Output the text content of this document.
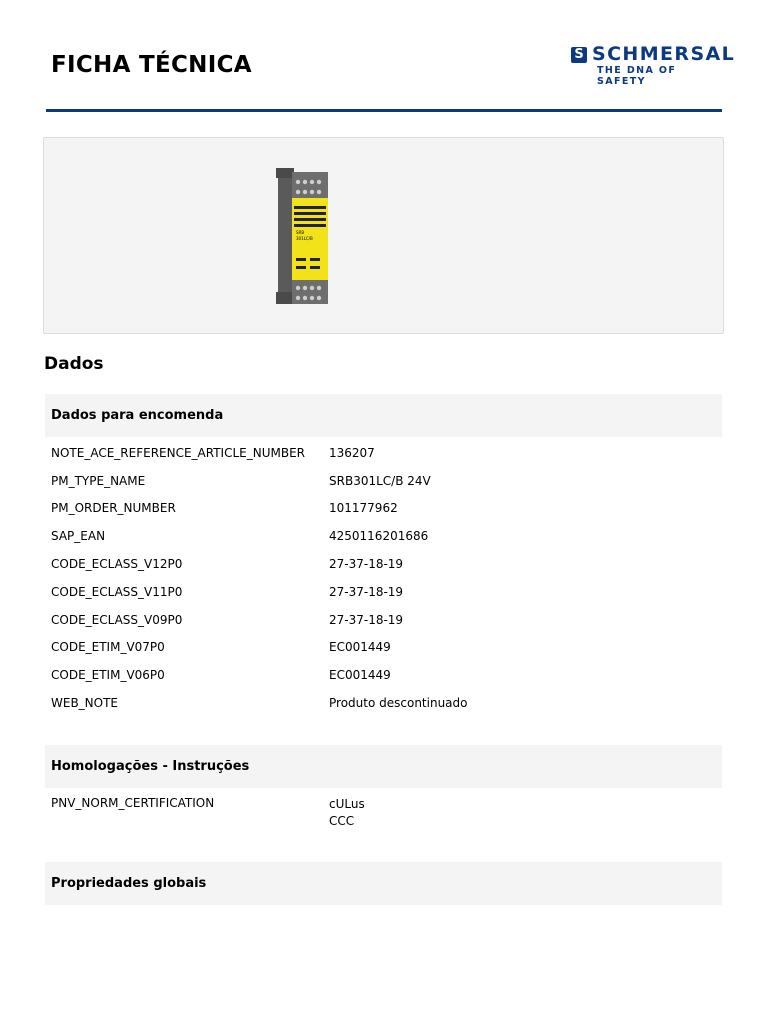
FICHA TÉCNICA	S SCHMERSAL
THE DNA OF SAFETY
SRB
301LC/B
Dados
Dados para encomenda
NOTE_ACE_REFERENCE_ARTICLE_NUMBER 136207
PM_TYPE_NAME	SRB301LC/B 24V
PM_ORDER_NUMBER	101177962
SAP_EAN	4250116201686
CODE_ECLASS_V12P0	27-37-18-19
CODE_ECLASS_V11P0	27-37-18-19
CODE_ECLASS_V09P0	27-37-18-19
CODE_ETIM_V07P0	EC001449
CODE_ETIM_V06P0	EC001449
WEB_NOTE	Produto descontinuado
Homologações - Instruções
PNV_NORM_CERTIFICATION	cULus
CCC
Propriedades globais
